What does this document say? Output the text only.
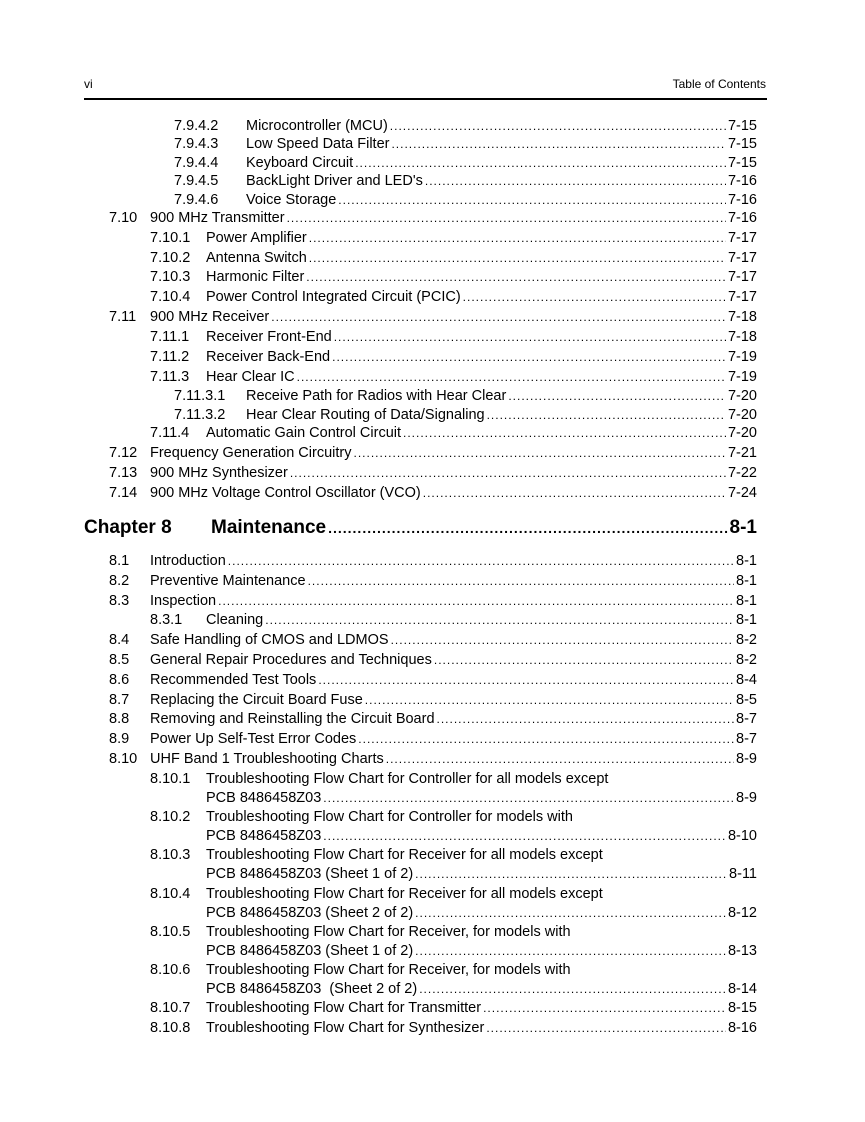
vi	Table of Contents
7.9.4.2	Microcontroller (MCU) .....	7-15
7.9.4.3	Low Speed Data Filter .....	7-15
7.9.4.4	Keyboard Circuit .....	7-15
7.9.4.5	BackLight Driver and LED's .....	7-16
7.9.4.6	Voice Storage .....	7-16
7.10 900 MHz Transmitter .....	7-16
7.10.1	Power Amplifier .....	7-17
7.10.2	Antenna Switch .....	7-17
7.10.3	Harmonic Filter .....	7-17
7.10.4	Power Control Integrated Circuit (PCIC) .....	7-17
7.11 900 MHz Receiver .....	7-18
7.11.1	Receiver Front-End .....	7-18
7.11.2	Receiver Back-End .....	7-19
7.11.3	Hear Clear IC .....	7-19
7.11.3.1	Receive Path for Radios with Hear Clear .....	7-20
7.11.3.2	Hear Clear Routing of Data/Signaling .....	7-20
7.11.4	Automatic Gain Control Circuit .....	7-20
7.12 Frequency Generation Circuitry .....	7-21
7.13 900 MHz Synthesizer .....	7-22
7.14 900 MHz Voltage Control Oscillator (VCO) .....	7-24
Chapter 8	Maintenance .....	8-1
8.1	Introduction .....	8-1
8.2	Preventive Maintenance .....	8-1
8.3	Inspection .....	8-1
8.3.1	Cleaning .....	8-1
8.4	Safe Handling of CMOS and LDMOS .....	8-2
8.5	General Repair Procedures and Techniques .....	8-2
8.6	Recommended Test Tools .....	8-4
8.7	Replacing the Circuit Board Fuse .....	8-5
8.8	Removing and Reinstalling the Circuit Board .....	8-7
8.9	Power Up Self-Test Error Codes .....	8-7
8.10 UHF Band 1 Troubleshooting Charts .....	8-9
8.10.1 Troubleshooting Flow Chart for Controller for all models except
PCB 8486458Z03 .....	8-9
8.10.2 Troubleshooting Flow Chart for Controller for models with
PCB 8486458Z03 .....	8-10
8.10.3 Troubleshooting Flow Chart for Receiver for all models except
PCB 8486458Z03 (Sheet 1 of 2) .....	8-11
8.10.4 Troubleshooting Flow Chart for Receiver for all models except
PCB 8486458Z03 (Sheet 2 of 2) .....	8-12
8.10.5 Troubleshooting Flow Chart for Receiver, for models with
PCB 8486458Z03 (Sheet 1 of 2) .....	8-13
8.10.6 Troubleshooting Flow Chart for Receiver, for models with
PCB 8486458Z03  (Sheet 2 of 2) .....	8-14
8.10.7	Troubleshooting Flow Chart for Transmitter .....	8-15
8.10.8	Troubleshooting Flow Chart for Synthesizer .....	8-16
